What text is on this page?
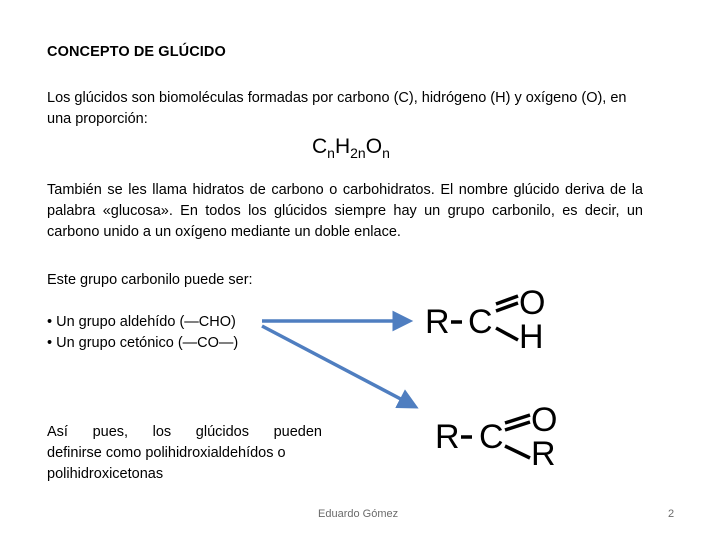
CONCEPTO DE GLÚCIDO
Los glúcidos son biomoléculas formadas por carbono (C), hidrógeno (H) y oxígeno (O), en una proporción:
$C_nH_{2n}O_n$
También se les llama hidratos de carbono o carbohidratos. El nombre glúcido deriva de la palabra «glucosa». En todos los glúcidos siempre hay un grupo carbonilo, es decir, un carbono unido a un oxígeno mediante un doble enlace.
Este grupo carbonilo puede ser:
• Un grupo aldehído (—CHO)
• Un grupo cetónico (—CO—)
Así pues, los glúcidos pueden
definirse como polihidroxialdehídos o
polihidroxicetonas
R C O
H
R C O
R
Eduardo Gómez	2
